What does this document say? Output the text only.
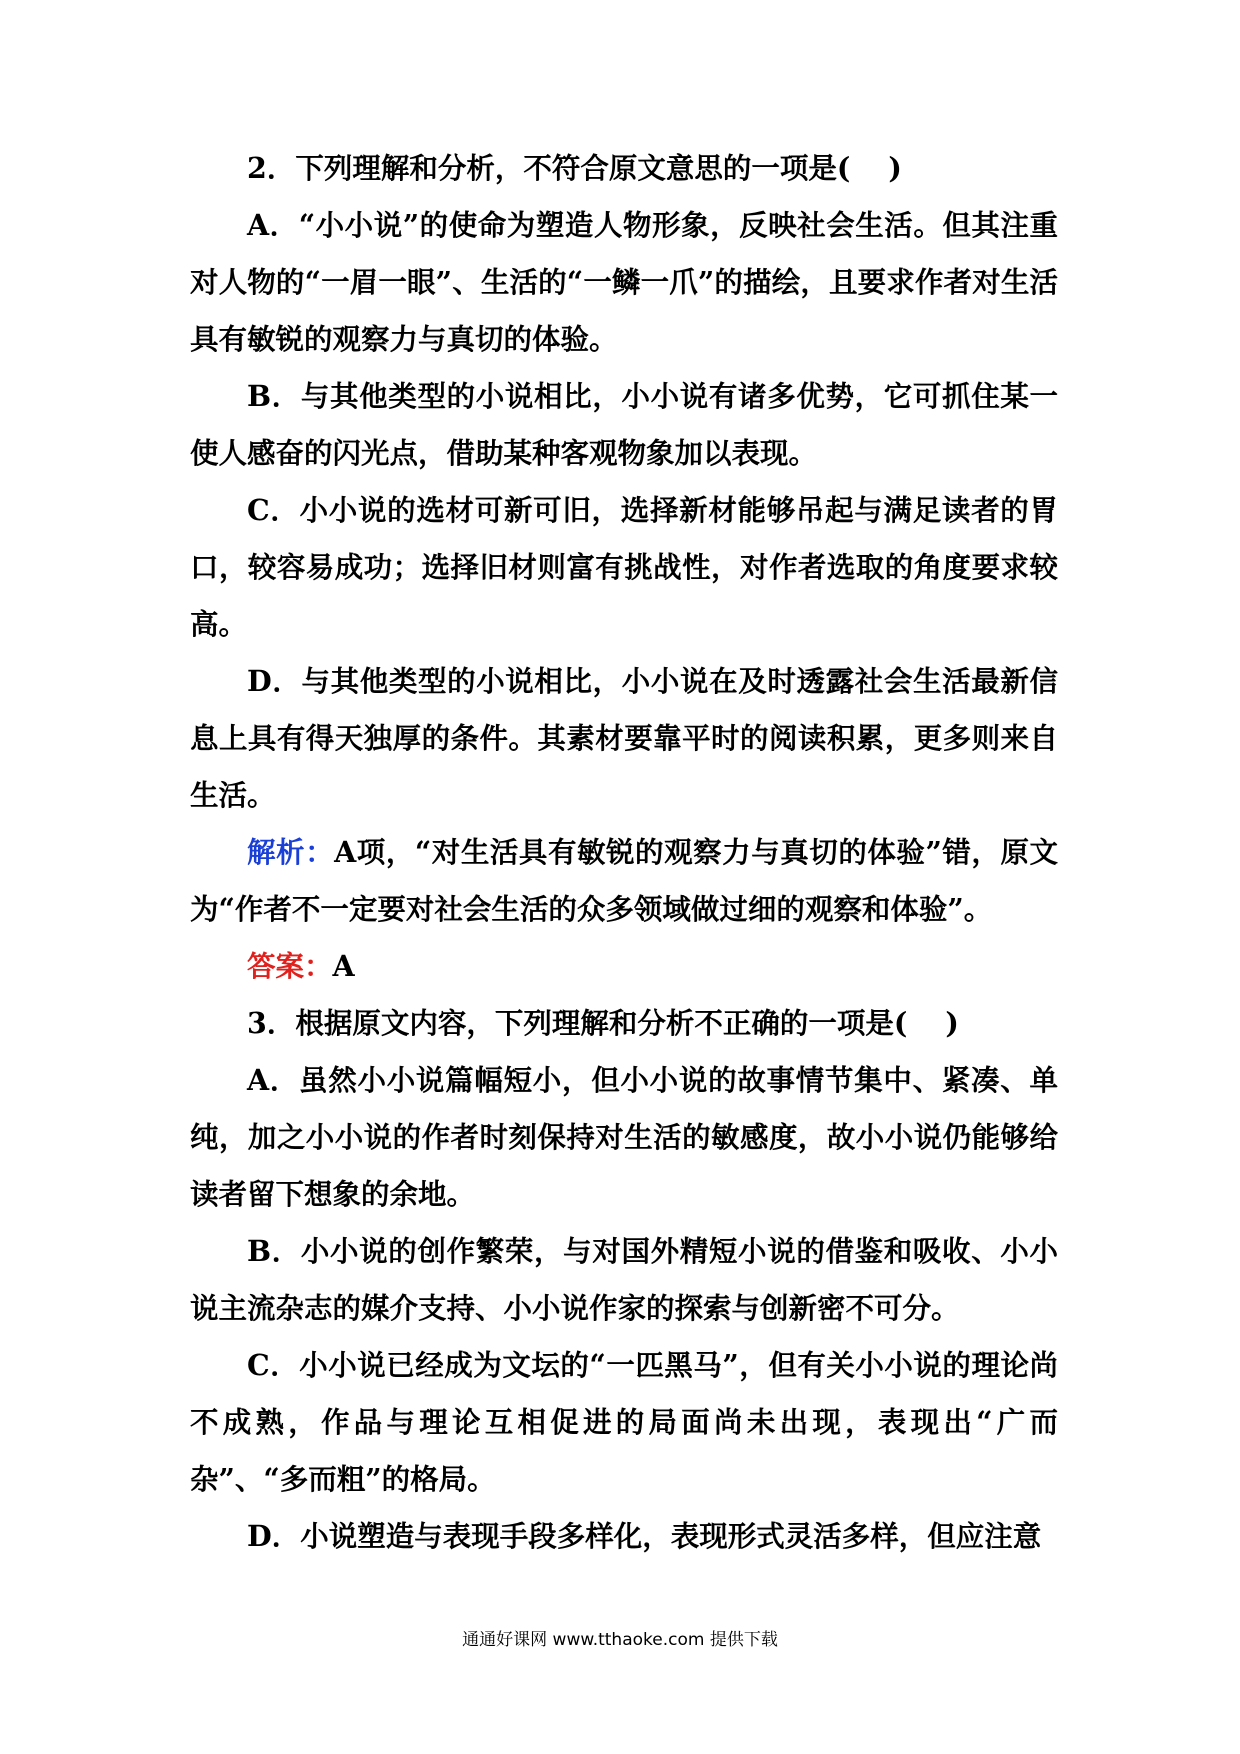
2．下列理解和分析，不符合原文意思的一项是( )

A．“小小说”的使命为塑造人物形象，反映社会生活。但其注重对人物的“一眉一眼”、生活的“一鳞一爪”的描绘，且要求作者对生活具有敏锐的观察力与真切的体验。

B．与其他类型的小说相比，小小说有诸多优势，它可抓住某一使人感奋的闪光点，借助某种客观物象加以表现。

C．小小说的选材可新可旧，选择新材能够吊起与满足读者的胃口，较容易成功；选择旧材则富有挑战性，对作者选取的角度要求较高。

D．与其他类型的小说相比，小小说在及时透露社会生活最新信息上具有得天独厚的条件。其素材要靠平时的阅读积累，更多则来自生活。

解析：A项，“对生活具有敏锐的观察力与真切的体验”错，原文为“作者不一定要对社会生活的众多领域做过细的观察和体验”。

答案：A

3．根据原文内容，下列理解和分析不正确的一项是( )

A．虽然小小说篇幅短小，但小小说的故事情节集中、紧凑、单纯，加之小小说的作者时刻保持对生活的敏感度，故小小说仍能够给读者留下想象的余地。

B．小小说的创作繁荣，与对国外精短小说的借鉴和吸收、小小说主流杂志的媒介支持、小小说作家的探索与创新密不可分。

C．小小说已经成为文坛的“一匹黑马”，但有关小小说的理论尚不成熟，作品与理论互相促进的局面尚未出现，表现出“广而杂”、“多而粗”的格局。

D．小说塑造与表现手段多样化，表现形式灵活多样，但应注意

通通好课网 www.tthaoke.com 提供下载
